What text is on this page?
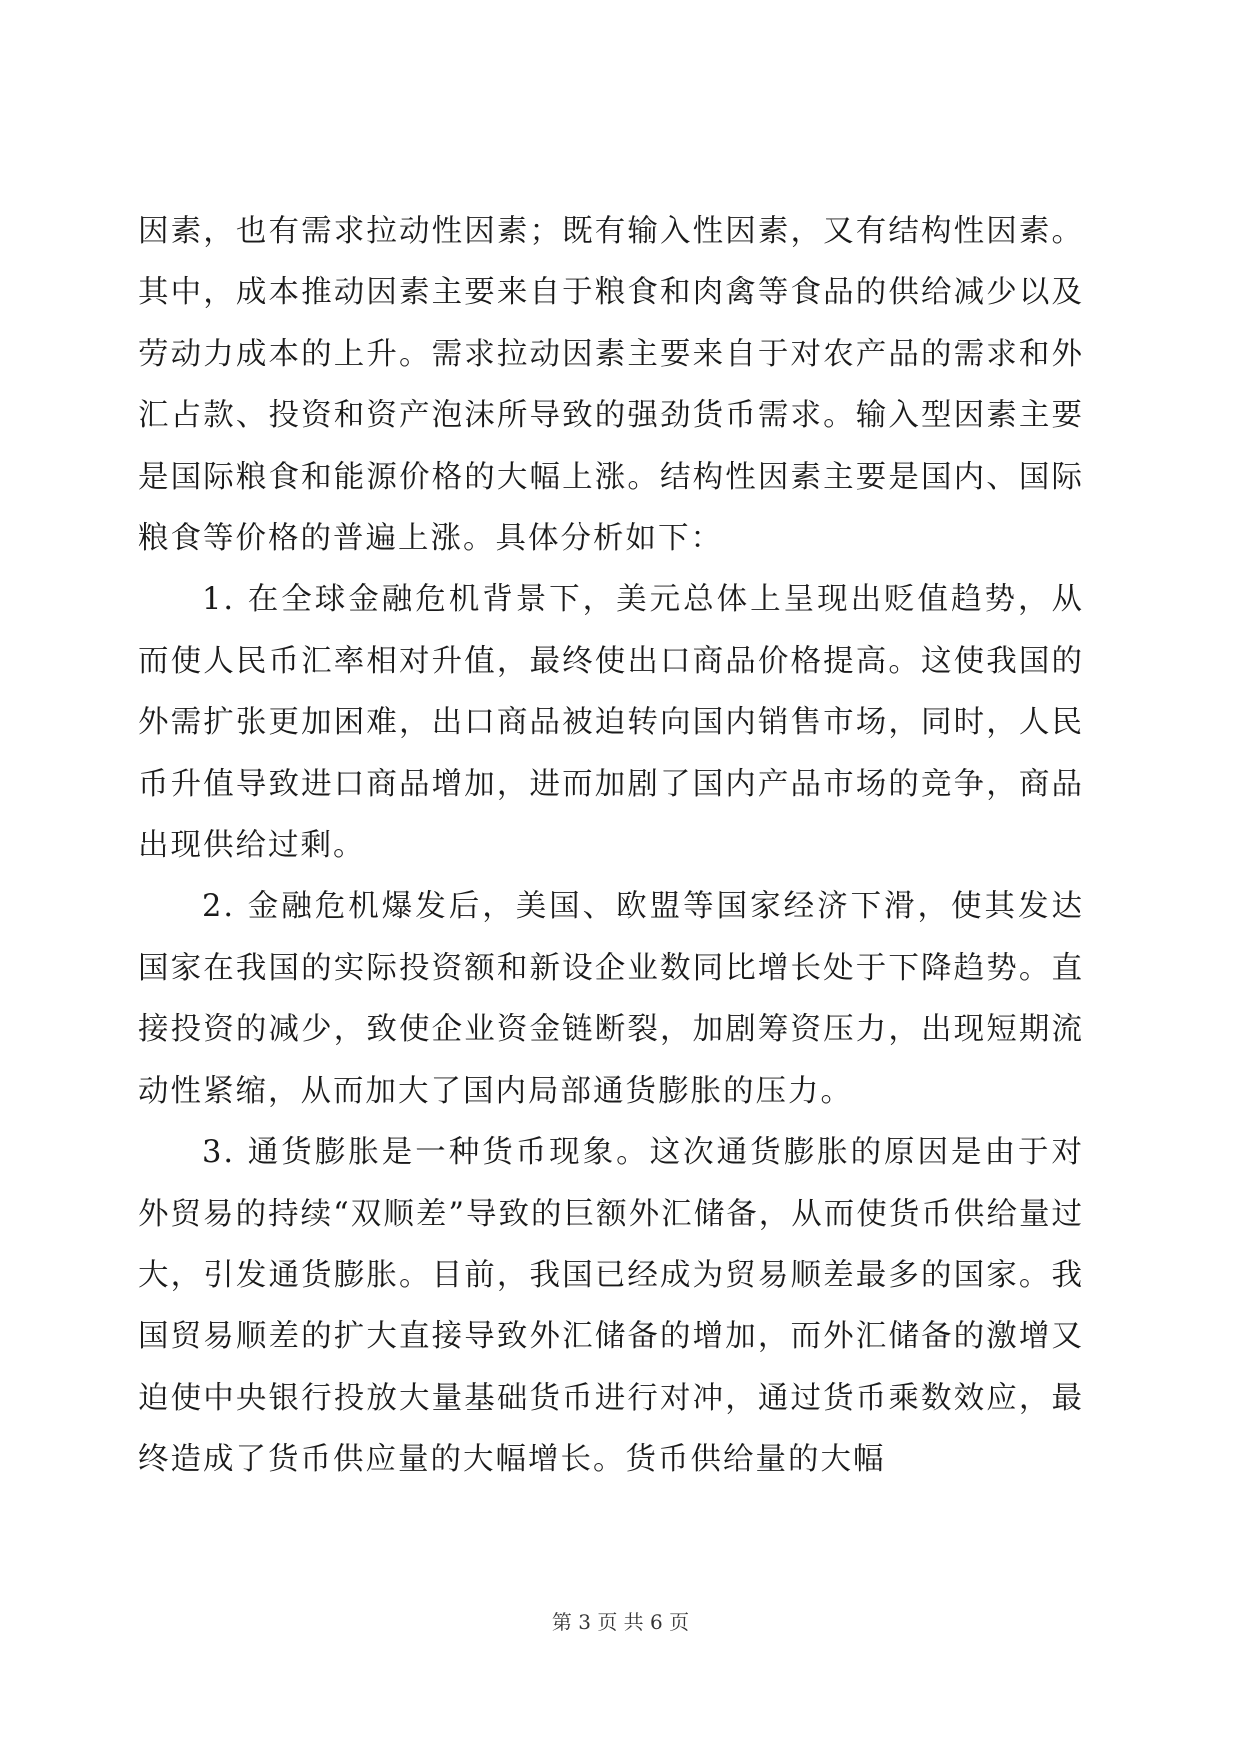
因素，也有需求拉动性因素；既有输入性因素，又有结构性因素。其中，成本推动因素主要来自于粮食和肉禽等食品的供给减少以及劳动力成本的上升。需求拉动因素主要来自于对农产品的需求和外汇占款、投资和资产泡沫所导致的强劲货币需求。输入型因素主要是国际粮食和能源价格的大幅上涨。结构性因素主要是国内、国际粮食等价格的普遍上涨。具体分析如下：

1. 在全球金融危机背景下，美元总体上呈现出贬值趋势，从而使人民币汇率相对升值，最终使出口商品价格提高。这使我国的外需扩张更加困难，出口商品被迫转向国内销售市场，同时，人民币升值导致进口商品增加，进而加剧了国内产品市场的竞争，商品出现供给过剩。

2. 金融危机爆发后，美国、欧盟等国家经济下滑，使其发达国家在我国的实际投资额和新设企业数同比增长处于下降趋势。直接投资的减少，致使企业资金链断裂，加剧筹资压力，出现短期流动性紧缩，从而加大了国内局部通货膨胀的压力。

3. 通货膨胀是一种货币现象。这次通货膨胀的原因是由于对外贸易的持续“双顺差”导致的巨额外汇储备，从而使货币供给量过大，引发通货膨胀。目前，我国已经成为贸易顺差最多的国家。我国贸易顺差的扩大直接导致外汇储备的增加，而外汇储备的激增又迫使中央银行投放大量基础货币进行对冲，通过货币乘数效应，最终造成了货币供应量的大幅增长。货币供给量的大幅

第 3 页 共 6 页
